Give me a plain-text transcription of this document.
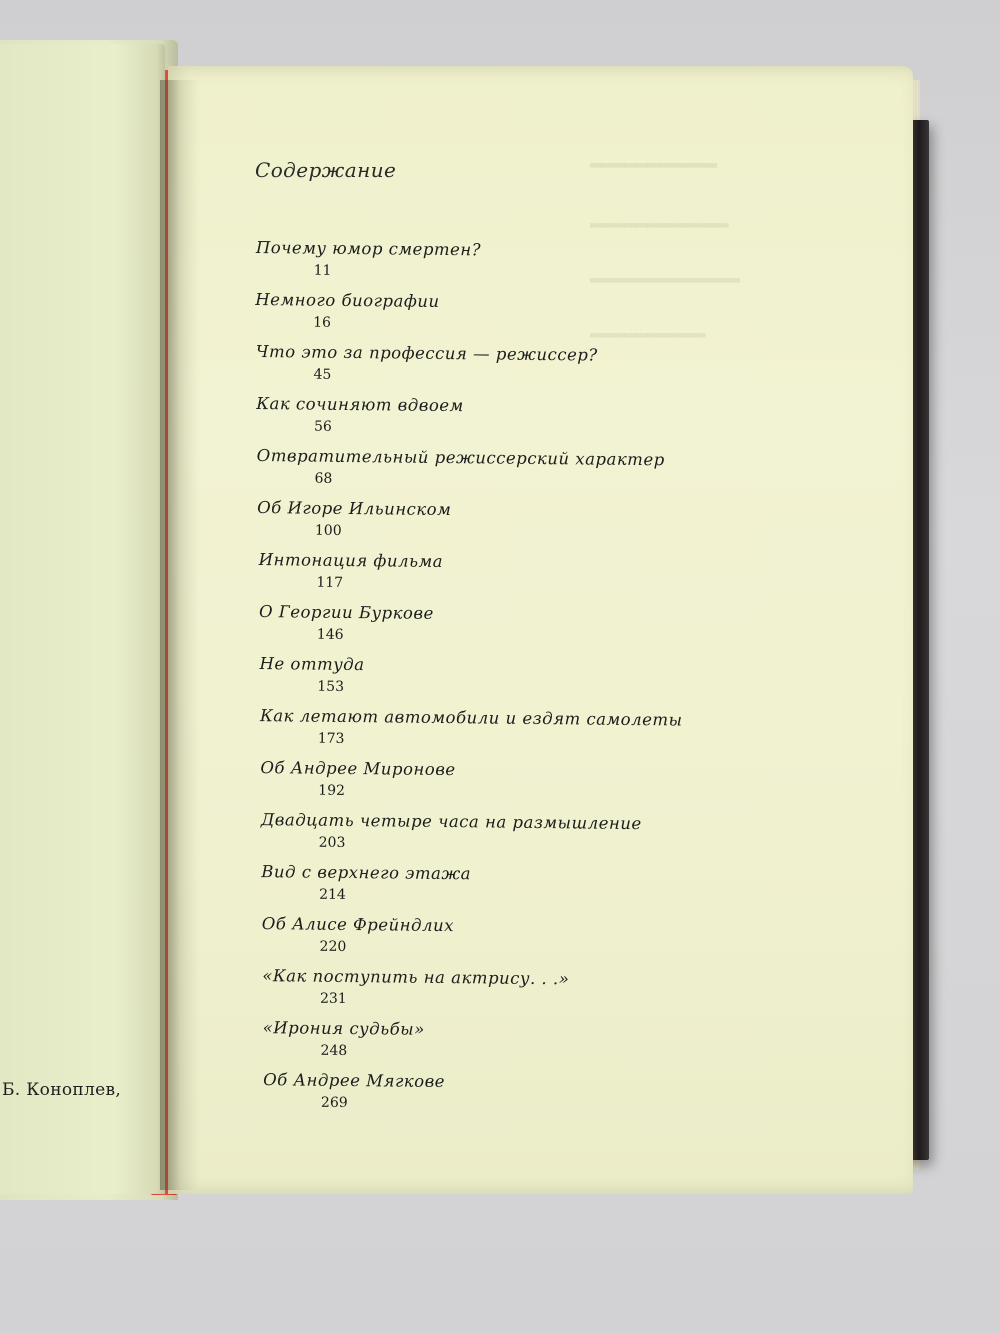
Б. Коноплев,
▂▂▂▂▂▂▂▂▂▂▂
▂▂▂▂▂▂▂▂▂▂▂▂
▂▂▂▂▂▂▂▂▂▂▂▂▂
▂▂▂▂▂▂▂▂▂▂
Содержание
Почему юмор смертен?
11
Немного биографии
16
Что это за профессия — режиссер?
45
Как сочиняют вдвоем
56
Отвратительный режиссерский характер
68
Об Игоре Ильинском
100
Интонация фильма
117
О Георгии Буркове
146
Не оттуда
153
Как летают автомобили и ездят самолеты
173
Об Андрее Миронове
192
Двадцать четыре часа на размышление
203
Вид с верхнего этажа
214
Об Алисе Фрейндлих
220
«Как поступить на актрису. . .»
231
«Ирония судьбы»
248
Об Андрее Мягкове
269
